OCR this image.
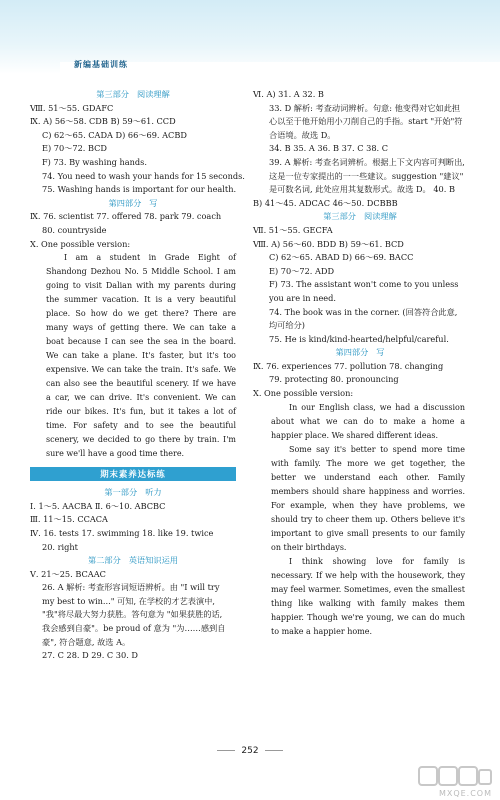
新编基础训练
第三部分 阅读理解
Ⅷ. 51～55. GDAFC
Ⅸ. A) 56～58. CDB B) 59～61. CCD
C) 62～65. CADA D) 66～69. ACBD
E) 70～72. BCD
F) 73. By washing hands.
74. You need to wash your hands for 15 seconds.
75. Washing hands is important for our health.
第四部分 写
Ⅸ. 76. scientist 77. offered 78. park 79. coach
80. countryside
Ⅹ. One possible version:
I am a student in Grade Eight of Shandong Dezhou No. 5 Middle School. I am going to visit Dalian with my parents during the summer vacation. It is a very beautiful place. So how do we get there? There are many ways of getting there. We can take a boat because I can see the sea in the board. We can take a plane. It's faster, but it's too expensive. We can take the train. It's safe. We can also see the beautiful scenery. If we have a car, we can drive. It's convenient. We can ride our bikes. It's fun, but it takes a lot of time. For safety and to see the beautiful scenery, we decided to go there by train. I'm sure we'll have a good time there.
期末素养达标练
第一部分 听力
Ⅰ. 1～5. AACBA Ⅱ. 6～10. ABCBC
Ⅲ. 11～15. CCACA
Ⅳ. 16. tests 17. swimming 18. like 19. twice
20. right
第二部分 英语知识运用
Ⅴ. 21～25. BCAAC
26. A 解析: 考查形容词短语辨析。由 "I will try my best to win..." 可知, 在学校的才艺表演中, "我"将尽最大努力获胜。答句意为 "如果获胜的话, 我会感到自豪"。be proud of 意为 "为……感到自豪", 符合题意, 故选 A。
27. C 28. D 29. C 30. D
Ⅵ. A) 31. A 32. B
33. D 解析: 考查动词辨析。句意: 他变得对它如此担心以至于他开始用小刀削自己的手指。start "开始"符合语境。故选 D。
34. B 35. A 36. B 37. C 38. C
39. A 解析: 考查名词辨析。根据上下文内容可判断出, 这是一位专家提出的一一些建议。suggestion "建议" 是可数名词, 此处应用其复数形式。故选 D。 40. B
B) 41～45. ADCAC 46～50. DCBBB
第三部分 阅读理解
Ⅶ. 51～55. GECFA
Ⅷ. A) 56～60. BDD B) 59～61. BCD
C) 62～65. ABAD D) 66～69. BACC
E) 70～72. ADD
F) 73. The assistant won't come to you unless you are in need.
74. The book was in the corner. (回答符合此意, 均可给分)
75. He is kind/kind-hearted/helpful/careful.
第四部分 写
Ⅸ. 76. experiences 77. pollution 78. changing
79. protecting 80. pronouncing
Ⅹ. One possible version:
In our English class, we had a discussion about what we can do to make a home a happier place. We shared different ideas.
Some say it's better to spend more time with family. The more we get together, the better we understand each other. Family members should share happiness and worries. For example, when they have problems, we should try to cheer them up. Others believe it's important to give small presents to our family on their birthdays.
I think showing love for family is necessary. If we help with the housework, they may feel warmer. Sometimes, even the smallest thing like walking with family makes them happier. Though we're young, we can do much to make a happier home.
252
MXQE.COM
